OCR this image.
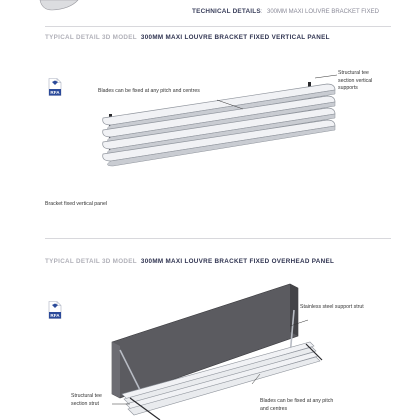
TECHNICAL DETAILS: 300MM MAXI LOUVRE BRACKET FIXED
TYPICAL DETAIL 3D MODEL 300MM MAXI LOUVRE BRACKET FIXED VERTICAL PANEL
RFA	Blades can be fixed at any pitch and centres
Structural tee
section vertical
supports
Bracket fixed vertical panel
TYPICAL DETAIL 3D MODEL 300MM MAXI LOUVRE BRACKET FIXED OVERHEAD PANEL
RFA
Stainless steel support strut
Structural tee
section strut	Blades can be fixed at any pitch
and centres
